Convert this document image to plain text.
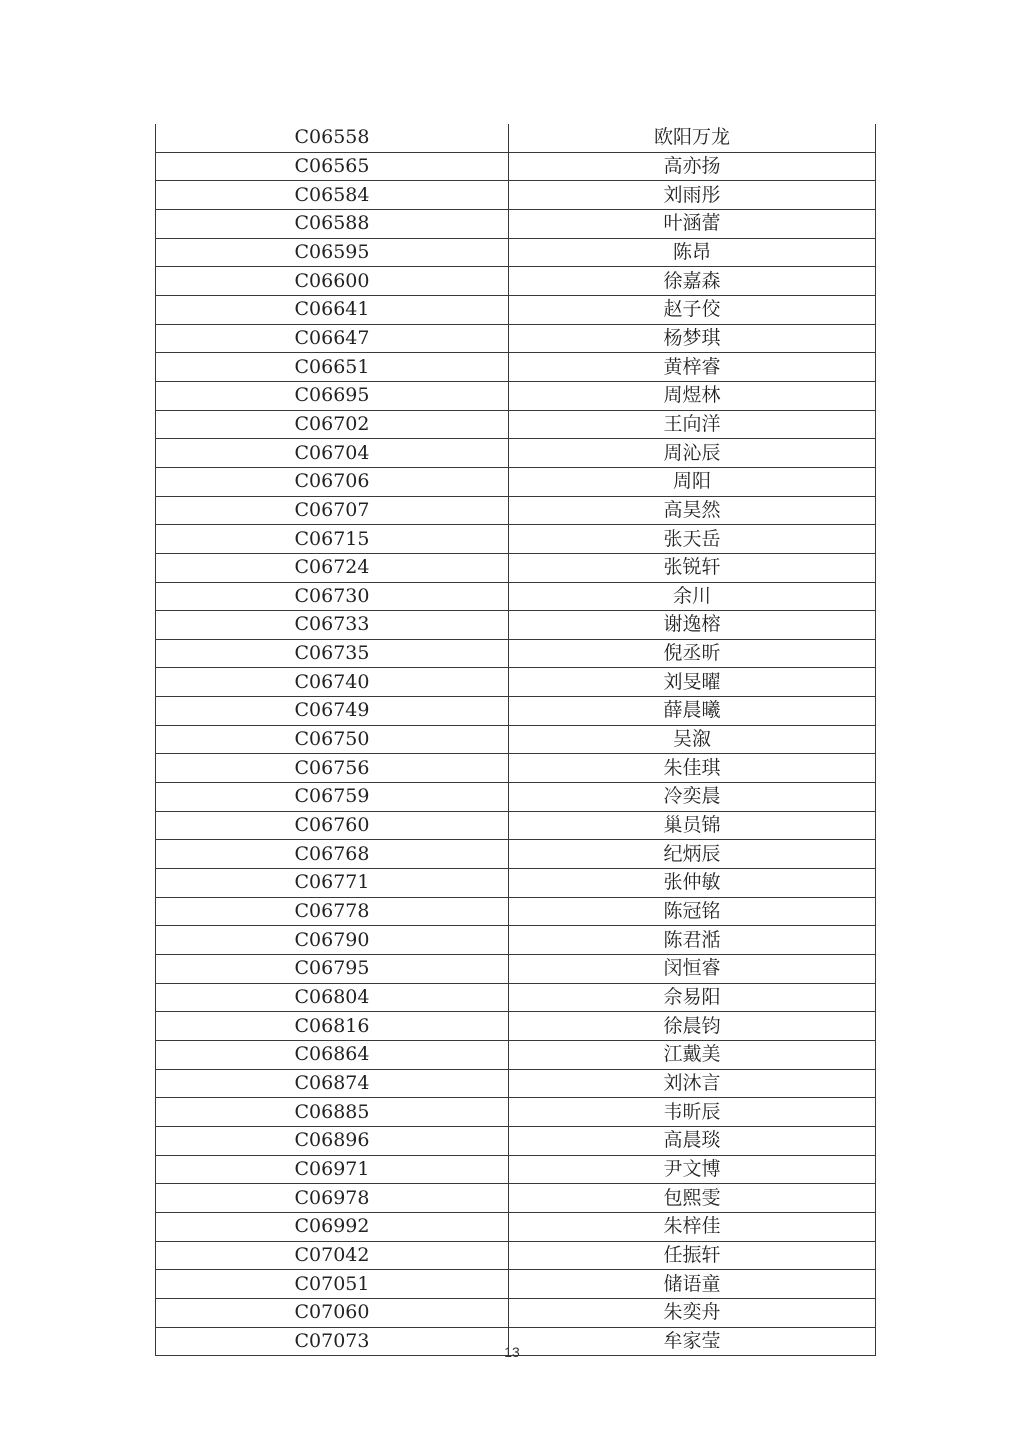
C06558	欧阳万龙
C06565	高亦扬
C06584	刘雨彤
C06588	叶涵蕾
C06595	陈昂
C06600	徐嘉森
C06641	赵子佼
C06647	杨梦琪
C06651	黄梓睿
C06695	周煜林
C06702	王向洋
C06704	周沁辰
C06706	周阳
C06707	高昊然
C06715	张天岳
C06724	张锐轩
C06730	余川
C06733	谢逸榕
C06735	倪丞昕
C06740	刘旻曜
C06749	薛晨曦
C06750	吴溆
C06756	朱佳琪
C06759	冷奕晨
C06760	巢员锦
C06768	纪炳辰
C06771	张仲敏
C06778	陈冠铭
C06790	陈君湉
C06795	闵恒睿
C06804	佘易阳
C06816	徐晨钧
C06864	江戴美
C06874	刘沐言
C06885	韦昕辰
C06896	高晨琰
C06971	尹文博
C06978	包熙雯
C06992	朱梓佳
C07042	任振轩
C07051	储语童
C07060	朱奕舟
C07073	牟家莹
13
